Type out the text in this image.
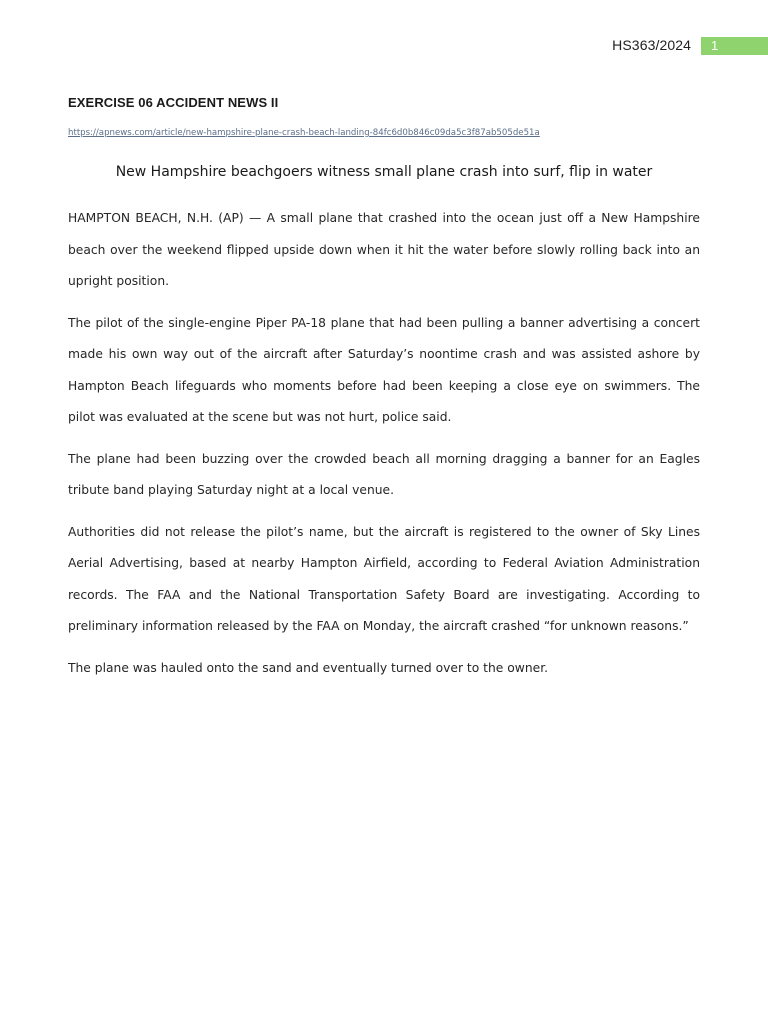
HS363/2024	1
EXERCISE 06 ACCIDENT NEWS II
https://apnews.com/article/new-hampshire-plane-crash-beach-landing-84fc6d0b846c09da5c3f87ab505de51a
New Hampshire beachgoers witness small plane crash into surf, flip in water

HAMPTON BEACH, N.H. (AP) — A small plane that crashed into the ocean just off a New Hampshire beach over the weekend flipped upside down when it hit the water before slowly rolling back into an upright position.

The pilot of the single-engine Piper PA-18 plane that had been pulling a banner advertising a concert made his own way out of the aircraft after Saturday’s noontime crash and was assisted ashore by Hampton Beach lifeguards who moments before had been keeping a close eye on swimmers. The pilot was evaluated at the scene but was not hurt, police said.

The plane had been buzzing over the crowded beach all morning dragging a banner for an Eagles tribute band playing Saturday night at a local venue.

Authorities did not release the pilot’s name, but the aircraft is registered to the owner of Sky Lines Aerial Advertising, based at nearby Hampton Airfield, according to Federal Aviation Administration records. The FAA and the National Transportation Safety Board are investigating. According to preliminary information released by the FAA on Monday, the aircraft crashed “for unknown reasons.”

The plane was hauled onto the sand and eventually turned over to the owner.
